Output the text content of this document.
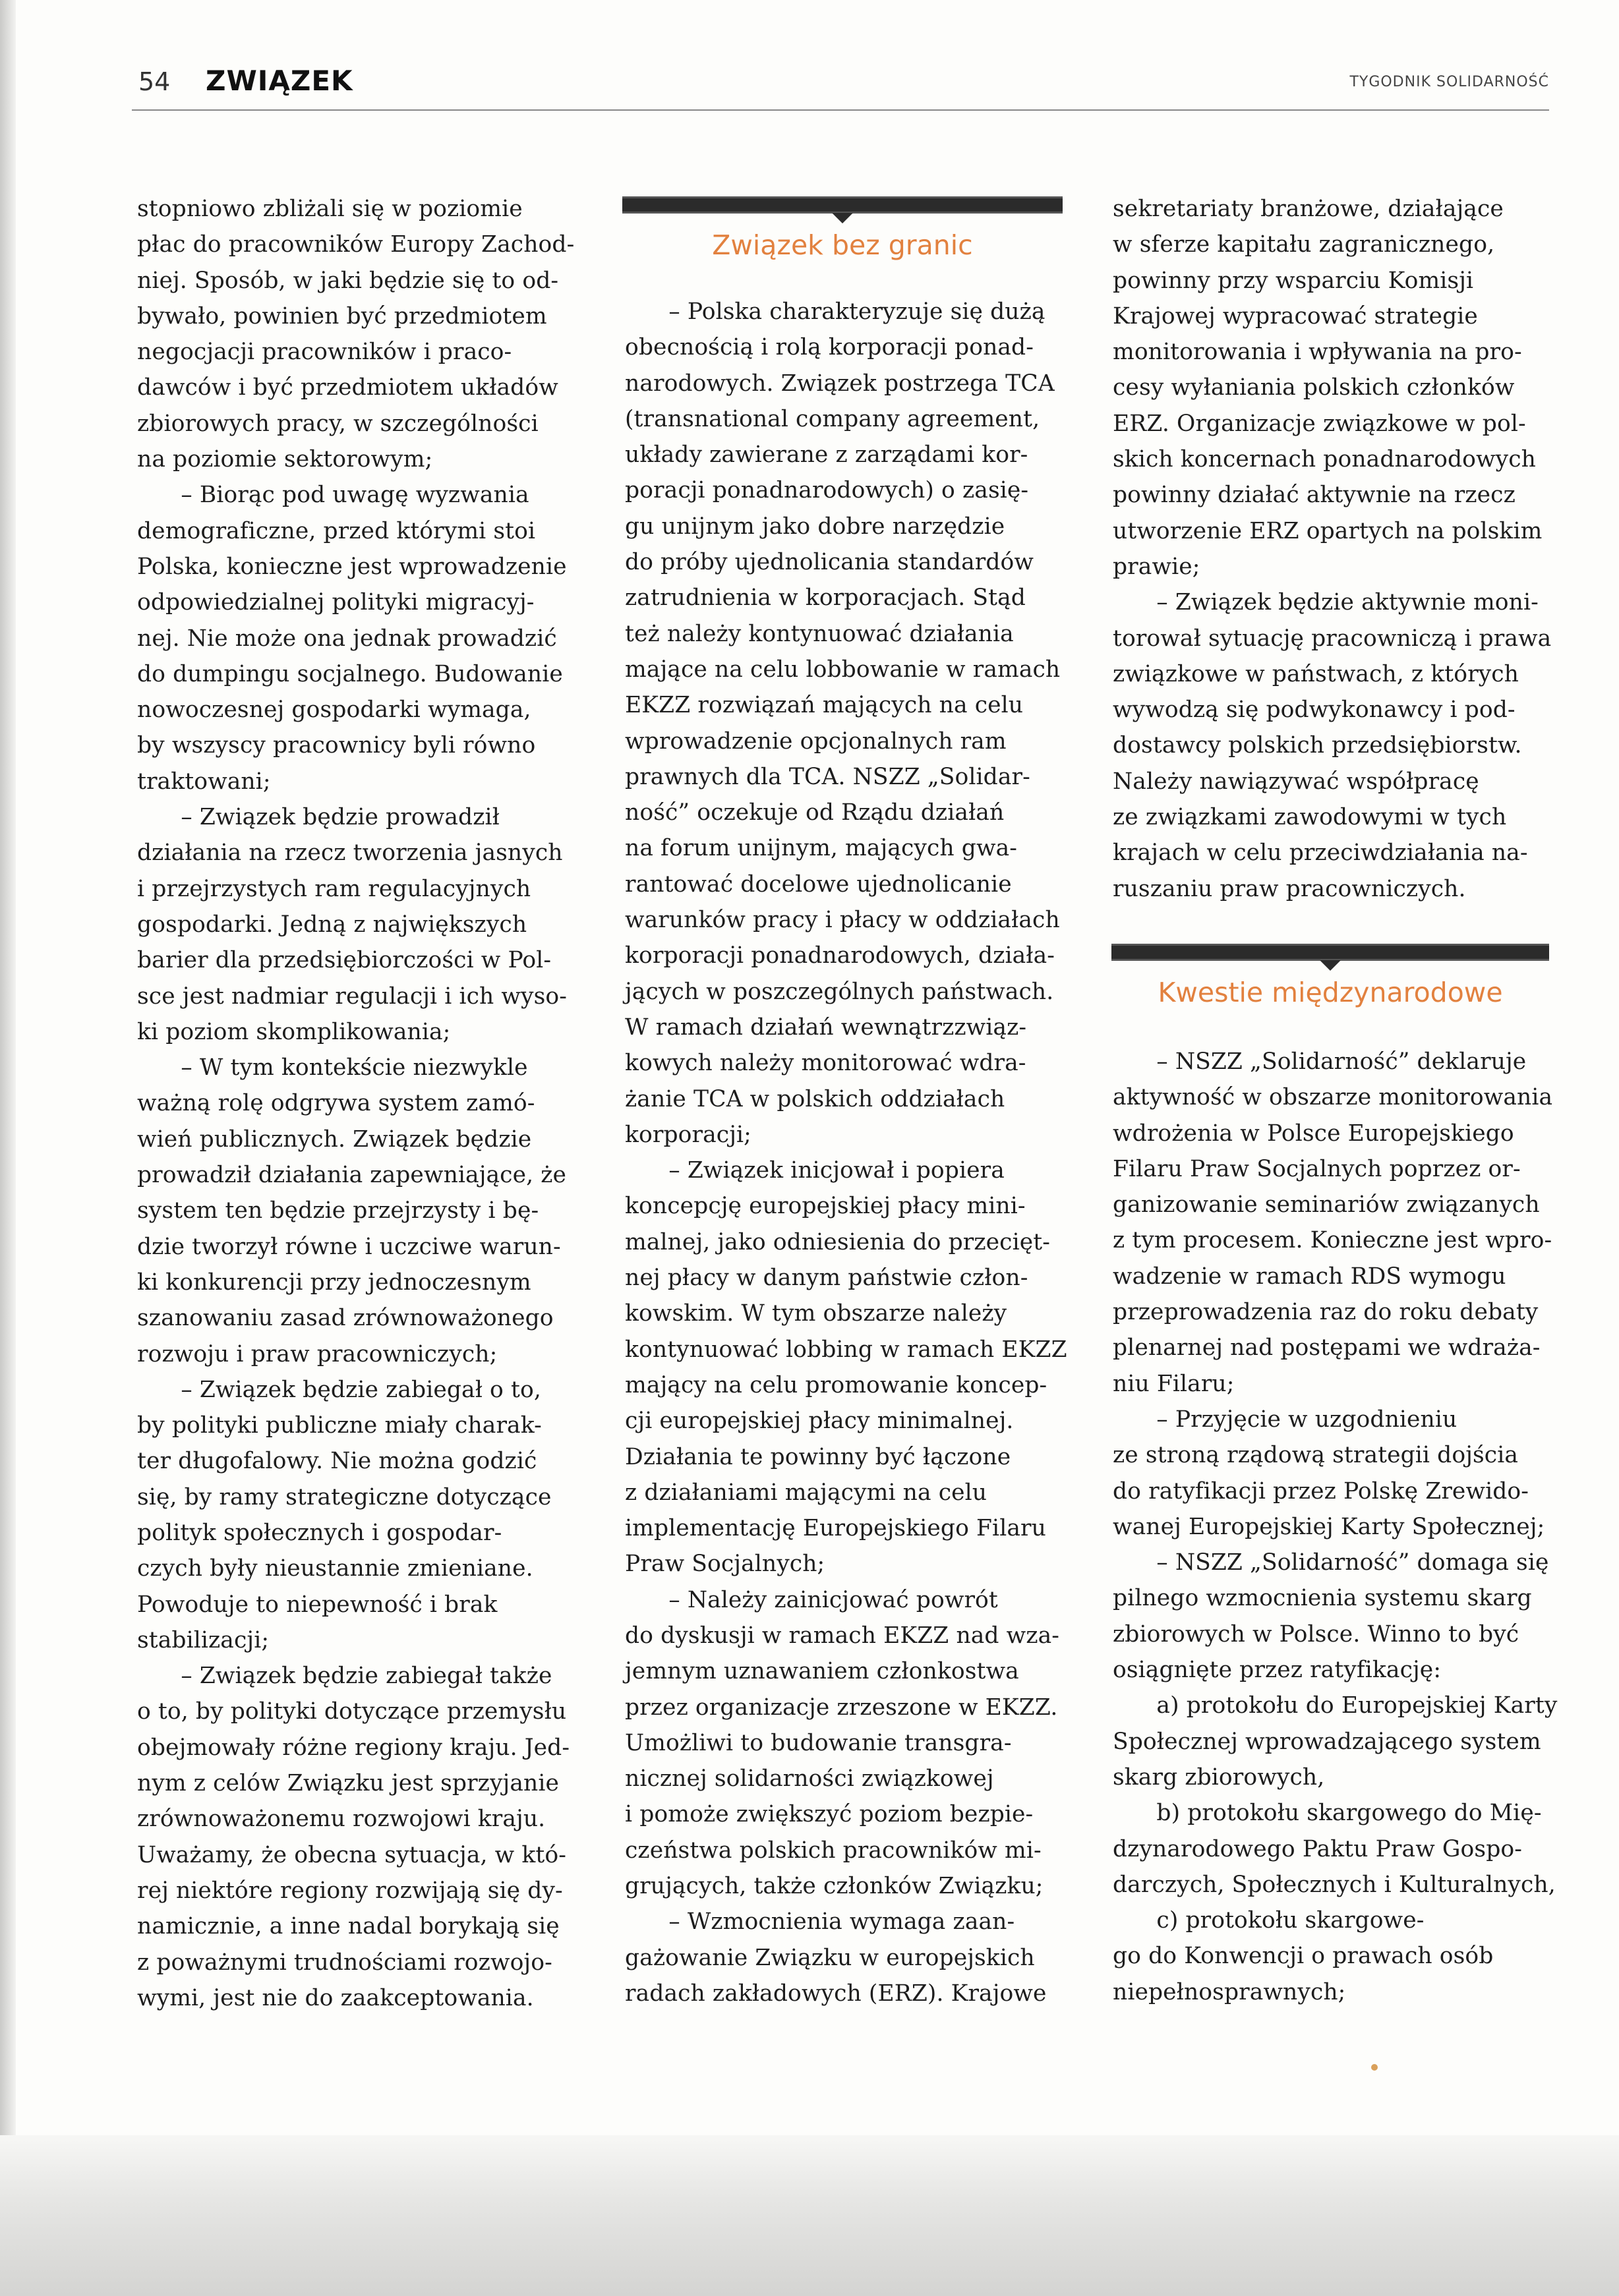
54 ZWIĄZEK	TYGODNIK SOLIDARNOŚĆ
stopniowo zbliżali się w poziomie
płac do pracowników Europy Zachod-
niej. Sposób, w jaki będzie się to od-
bywało, powinien być przedmiotem
negocjacji pracowników i praco-
dawców i być przedmiotem układów
zbiorowych pracy, w szczególności
na poziomie sektorowym;
– Biorąc pod uwagę wyzwania
demograficzne, przed którymi stoi
Polska, konieczne jest wprowadzenie
odpowiedzialnej polityki migracyj-
nej. Nie może ona jednak prowadzić
do dumpingu socjalnego. Budowanie
nowoczesnej gospodarki wymaga,
by wszyscy pracownicy byli równo
traktowani;
– Związek będzie prowadził
działania na rzecz tworzenia jasnych
i przejrzystych ram regulacyjnych
gospodarki. Jedną z największych
barier dla przedsiębiorczości w Pol-
sce jest nadmiar regulacji i ich wyso-
ki poziom skomplikowania;
– W tym kontekście niezwykle
ważną rolę odgrywa system zamó-
wień publicznych. Związek będzie
prowadził działania zapewniające, że
system ten będzie przejrzysty i bę-
dzie tworzył równe i uczciwe warun-
ki konkurencji przy jednoczesnym
szanowaniu zasad zrównoważonego
rozwoju i praw pracowniczych;
– Związek będzie zabiegał o to,
by polityki publiczne miały charak-
ter długofalowy. Nie można godzić
się, by ramy strategiczne dotyczące
polityk społecznych i gospodar-
czych były nieustannie zmieniane.
Powoduje to niepewność i brak
stabilizacji;
– Związek będzie zabiegał także
o to, by polityki dotyczące przemysłu
obejmowały różne regiony kraju. Jed-
nym z celów Związku jest sprzyjanie
zrównoważonemu rozwojowi kraju.
Uważamy, że obecna sytuacja, w któ-
rej niektóre regiony rozwijają się dy-
namicznie, a inne nadal borykają się
z poważnymi trudnościami rozwojo-
wymi, jest nie do zaakceptowania.
Związek bez granic
– Polska charakteryzuje się dużą
obecnością i rolą korporacji ponad-
narodowych. Związek postrzega TCA
(transnational company agreement,
układy zawierane z zarządami kor-
poracji ponadnarodowych) o zasię-
gu unijnym jako dobre narzędzie
do próby ujednolicania standardów
zatrudnienia w korporacjach. Stąd
też należy kontynuować działania
mające na celu lobbowanie w ramach
EKZZ rozwiązań mających na celu
wprowadzenie opcjonalnych ram
prawnych dla TCA. NSZZ „Solidar-
ność” oczekuje od Rządu działań
na forum unijnym, mających gwa-
rantować docelowe ujednolicanie
warunków pracy i płacy w oddziałach
korporacji ponadnarodowych, działa-
jących w poszczególnych państwach.
W ramach działań wewnątrzzwiąz-
kowych należy monitorować wdra-
żanie TCA w polskich oddziałach
korporacji;
– Związek inicjował i popiera
koncepcję europejskiej płacy mini-
malnej, jako odniesienia do przecięt-
nej płacy w danym państwie człon-
kowskim. W tym obszarze należy
kontynuować lobbing w ramach EKZZ
mający na celu promowanie koncep-
cji europejskiej płacy minimalnej.
Działania te powinny być łączone
z działaniami mającymi na celu
implementację Europejskiego Filaru
Praw Socjalnych;
– Należy zainicjować powrót
do dyskusji w ramach EKZZ nad wza-
jemnym uznawaniem członkostwa
przez organizacje zrzeszone w EKZZ.
Umożliwi to budowanie transgra-
nicznej solidarności związkowej
i pomoże zwiększyć poziom bezpie-
czeństwa polskich pracowników mi-
grujących, także członków Związku;
– Wzmocnienia wymaga zaan-
gażowanie Związku w europejskich
radach zakładowych (ERZ). Krajowe
sekretariaty branżowe, działające
w sferze kapitału zagranicznego,
powinny przy wsparciu Komisji
Krajowej wypracować strategie
monitorowania i wpływania na pro-
cesy wyłaniania polskich członków
ERZ. Organizacje związkowe w pol-
skich koncernach ponadnarodowych
powinny działać aktywnie na rzecz
utworzenie ERZ opartych na polskim
prawie;
– Związek będzie aktywnie moni-
torował sytuację pracowniczą i prawa
związkowe w państwach, z których
wywodzą się podwykonawcy i pod-
dostawcy polskich przedsiębiorstw.
Należy nawiązywać współpracę
ze związkami zawodowymi w tych
krajach w celu przeciwdziałania na-
ruszaniu praw pracowniczych.
Kwestie międzynarodowe
– NSZZ „Solidarność” deklaruje
aktywność w obszarze monitorowania
wdrożenia w Polsce Europejskiego
Filaru Praw Socjalnych poprzez or-
ganizowanie seminariów związanych
z tym procesem. Konieczne jest wpro-
wadzenie w ramach RDS wymogu
przeprowadzenia raz do roku debaty
plenarnej nad postępami we wdraża-
niu Filaru;
– Przyjęcie w uzgodnieniu
ze stroną rządową strategii dojścia
do ratyfikacji przez Polskę Zrewido-
wanej Europejskiej Karty Społecznej;
– NSZZ „Solidarność” domaga się
pilnego wzmocnienia systemu skarg
zbiorowych w Polsce. Winno to być
osiągnięte przez ratyfikację:
a) protokołu do Europejskiej Karty
Społecznej wprowadzającego system
skarg zbiorowych,
b) protokołu skargowego do Mię-
dzynarodowego Paktu Praw Gospo-
darczych, Społecznych i Kulturalnych,
c) protokołu skargowe-
go do Konwencji o prawach osób
niepełnosprawnych;
